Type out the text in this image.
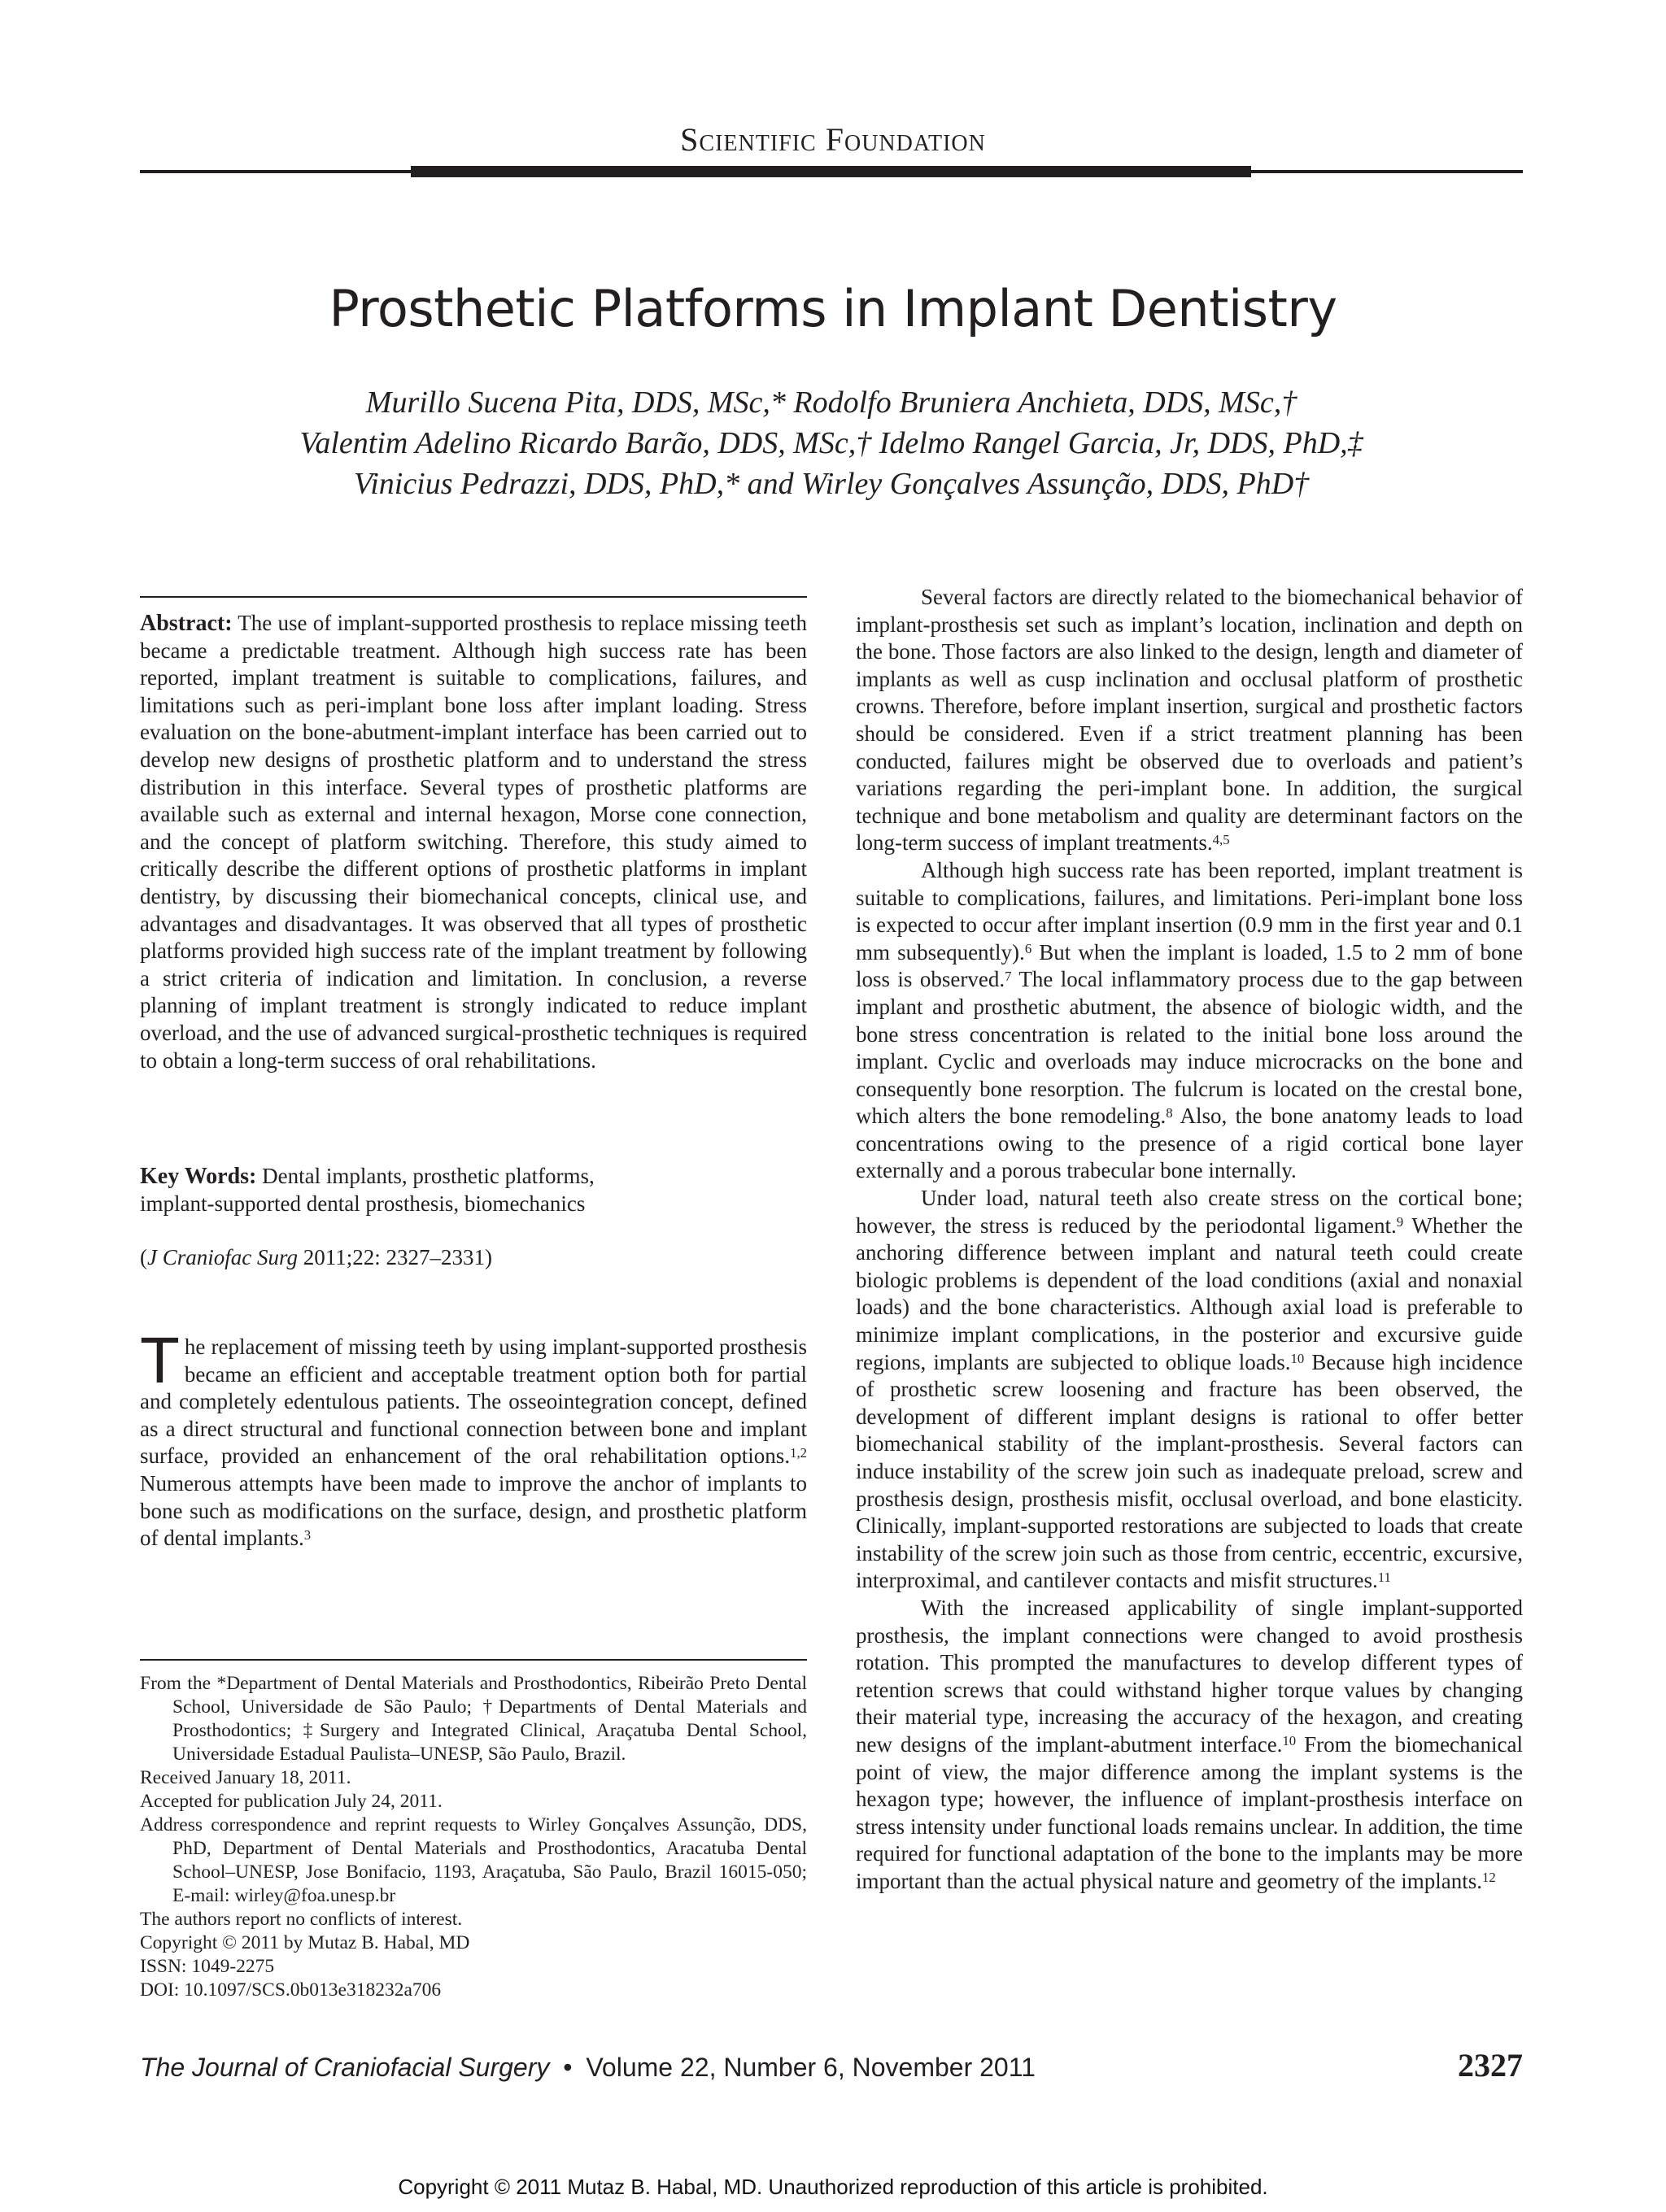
Scientific Foundation
Prosthetic Platforms in Implant Dentistry
Murillo Sucena Pita, DDS, MSc,* Rodolfo Bruniera Anchieta, DDS, MSc,†
Valentim Adelino Ricardo Barão, DDS, MSc,† Idelmo Rangel Garcia, Jr, DDS, PhD,‡
Vinicius Pedrazzi, DDS, PhD,* and Wirley Gonçalves Assunção, DDS, PhD†
Abstract: The use of implant-supported prosthesis to replace missing teeth became a predictable treatment. Although high success rate has been reported, implant treatment is suitable to complications, failures, and limitations such as peri-implant bone loss after implant loading. Stress evaluation on the bone-abutment-implant interface has been carried out to develop new designs of prosthetic platform and to understand the stress distribution in this interface. Several types of prosthetic platforms are available such as external and internal hexagon, Morse cone connection, and the concept of platform switching. Therefore, this study aimed to critically describe the different options of prosthetic platforms in implant dentistry, by discussing their biomechanical concepts, clinical use, and advantages and disadvantages. It was observed that all types of prosthetic platforms provided high success rate of the implant treatment by following a strict criteria of indication and limitation. In conclusion, a reverse planning of implant treatment is strongly indicated to reduce implant overload, and the use of advanced surgical-prosthetic techniques is required to obtain a long-term success of oral rehabilitations.
Key Words: Dental implants, prosthetic platforms,
implant-supported dental prosthesis, biomechanics
(J Craniofac Surg 2011;22: 2327–2331)
The replacement of missing teeth by using implant-supported prosthesis became an efficient and acceptable treatment option both for partial and completely edentulous patients. The osseointegration concept, defined as a direct structural and functional connection between bone and implant surface, provided an enhancement of the oral rehabilitation options.$^{1,2}$ Numerous attempts have been made to improve the anchor of implants to bone such as modifications on the surface, design, and prosthetic platform of dental implants.$^3$
From the *Department of Dental Materials and Prosthodontics, Ribeirão Preto Dental School, Universidade de São Paulo; †Departments of Dental Materials and Prosthodontics; ‡Surgery and Integrated Clinical, Araçatuba Dental School, Universidade Estadual Paulista–UNESP, São Paulo, Brazil.
Received January 18, 2011.
Accepted for publication July 24, 2011.
Address correspondence and reprint requests to Wirley Gonçalves Assunção, DDS, PhD, Department of Dental Materials and Prosthodontics, Aracatuba Dental School–UNESP, Jose Bonifacio, 1193, Araçatuba, São Paulo, Brazil 16015-050; E-mail: wirley@foa.unesp.br
The authors report no conflicts of interest.
Copyright © 2011 by Mutaz B. Habal, MD
ISSN: 1049-2275
DOI: 10.1097/SCS.0b013e318232a706

Several factors are directly related to the biomechanical behavior of implant-prosthesis set such as implant’s location, inclination and depth on the bone. Those factors are also linked to the design, length and diameter of implants as well as cusp inclination and occlusal platform of prosthetic crowns. Therefore, before implant insertion, surgical and prosthetic factors should be considered. Even if a strict treatment planning has been conducted, failures might be observed due to overloads and patient’s variations regarding the peri-implant bone. In addition, the surgical technique and bone metabolism and quality are determinant factors on the long-term success of implant treatments.$^{4,5}$

Although high success rate has been reported, implant treatment is suitable to complications, failures, and limitations. Peri-implant bone loss is expected to occur after implant insertion (0.9 mm in the first year and 0.1 mm subsequently).$^6$ But when the implant is loaded, 1.5 to 2 mm of bone loss is observed.$^7$ The local inflammatory process due to the gap between implant and prosthetic abutment, the absence of biologic width, and the bone stress concentration is related to the initial bone loss around the implant. Cyclic and overloads may induce microcracks on the bone and consequently bone resorption. The fulcrum is located on the crestal bone, which alters the bone remodeling.$^8$ Also, the bone anatomy leads to load concentrations owing to the presence of a rigid cortical bone layer externally and a porous trabecular bone internally.

Under load, natural teeth also create stress on the cortical bone; however, the stress is reduced by the periodontal ligament.$^9$ Whether the anchoring difference between implant and natural teeth could create biologic problems is dependent of the load conditions (axial and nonaxial loads) and the bone characteristics. Although axial load is preferable to minimize implant complications, in the posterior and excursive guide regions, implants are subjected to oblique loads.$^{10}$ Because high incidence of prosthetic screw loosening and fracture has been observed, the development of different implant designs is rational to offer better biomechanical stability of the implant-prosthesis. Several factors can induce instability of the screw join such as inadequate preload, screw and prosthesis design, prosthesis misfit, occlusal overload, and bone elasticity. Clinically, implant-supported restorations are subjected to loads that create instability of the screw join such as those from centric, eccentric, excursive, interproximal, and cantilever contacts and misfit structures.$^{11}$

With the increased applicability of single implant-supported prosthesis, the implant connections were changed to avoid prosthesis rotation. This prompted the manufactures to develop different types of retention screws that could withstand higher torque values by changing their material type, increasing the accuracy of the hexagon, and creating new designs of the implant-abutment interface.$^{10}$ From the biomechanical point of view, the major difference among the implant systems is the hexagon type; however, the influence of implant-prosthesis interface on stress intensity under functional loads remains unclear. In addition, the time required for functional adaptation of the bone to the implants may be more important than the actual physical nature and geometry of the implants.$^{12}$

The Journal of Craniofacial Surgery • Volume 22, Number 6, November 2011	2327
Copyright © 2011 Mutaz B. Habal, MD. Unauthorized reproduction of this article is prohibited.
